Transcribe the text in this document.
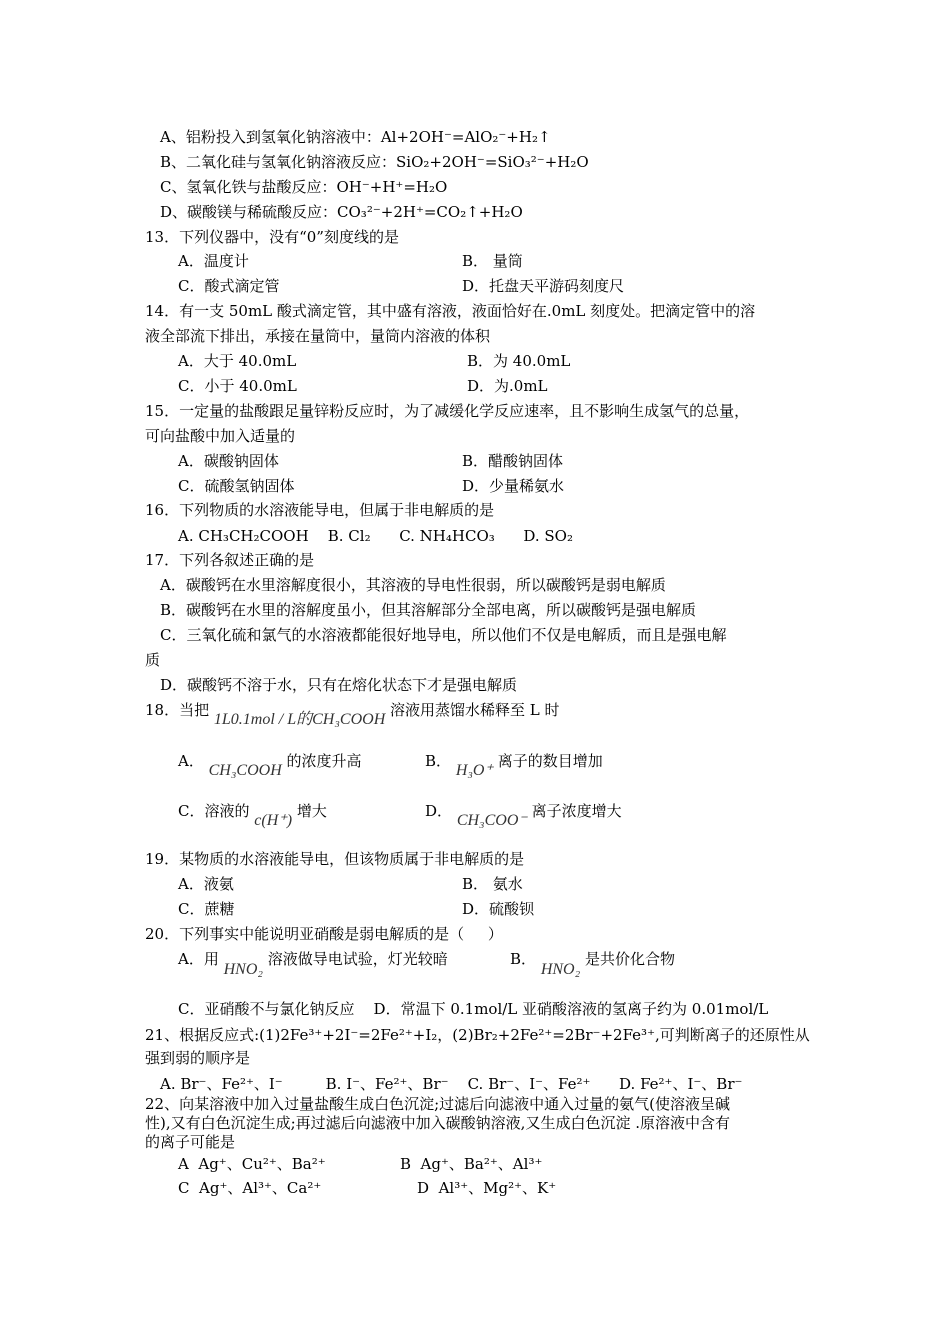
A、铝粉投入到氢氧化钠溶液中：Al+2OH⁻=AlO₂⁻+H₂↑
B、二氧化硅与氢氧化钠溶液反应：SiO₂+2OH⁻=SiO₃²⁻+H₂O
C、氢氧化铁与盐酸反应：OH⁻+H⁺=H₂O
D、碳酸镁与稀硫酸反应：CO₃²⁻+2H⁺=CO₂↑+H₂O
13．下列仪器中，没有“0”刻度线的是
A．温度计	B． 量筒
C．酸式滴定管	D．托盘天平游码刻度尺
14．有一支 50mL 酸式滴定管，其中盛有溶液，液面恰好在.0mL 刻度处。把滴定管中的溶
液全部流下排出，承接在量筒中，量筒内溶液的体积
A．大于 40.0mL	B．为 40.0mL
C．小于 40.0mL	D．为.0mL
15．一定量的盐酸跟足量锌粉反应时，为了减缓化学反应速率，且不影响生成氢气的总量，
可向盐酸中加入适量的
A．碳酸钠固体	B．醋酸钠固体
C．硫酸氢钠固体	D．少量稀氨水
16．下列物质的水溶液能导电，但属于非电解质的是
A. CH₃CH₂COOH    B. Cl₂      C. NH₄HCO₃      D. SO₂
17．下列各叙述正确的是
A．碳酸钙在水里溶解度很小，其溶液的导电性很弱，所以碳酸钙是弱电解质
B．碳酸钙在水里的溶解度虽小，但其溶解部分全部电离，所以碳酸钙是强电解质
C．三氧化硫和氯气的水溶液都能很好地导电，所以他们不仅是电解质，而且是强电解
质
D．碳酸钙不溶于水，只有在熔化状态下才是强电解质
18．当把 1L0.1mol / L的CH₃COOH 溶液用蒸馏水稀释至 L 时
A． CH₃COOH 的浓度升高	B． H₃O⁺ 离子的数目增加
C．溶液的 c(H⁺) 增大	D． CH₃COO⁻ 离子浓度增大
19．某物质的水溶液能导电，但该物质属于非电解质的是
A．液氨	B． 氨水
C．蔗糖	D．硫酸钡
20．下列事实中能说明亚硝酸是弱电解质的是（     ）
A．用 HNO₂ 溶液做导电试验，灯光较暗	B． HNO₂ 是共价化合物
C．亚硝酸不与氯化钠反应    D．常温下 0.1mol/L 亚硝酸溶液的氢离子约为 0.01mol/L
21、根据反应式:(1)2Fe³⁺+2I⁻=2Fe²⁺+I₂，(2)Br₂+2Fe²⁺=2Br⁻+2Fe³⁺,可判断离子的还原性从
强到弱的顺序是
A. Br⁻、Fe²⁺、I⁻         B. I⁻、Fe²⁺、Br⁻    C. Br⁻、I⁻、Fe²⁺      D. Fe²⁺、I⁻、Br⁻
22、向某溶液中加入过量盐酸生成白色沉淀;过滤后向滤液中通入过量的氨气(使溶液呈碱
性),又有白色沉淀生成;再过滤后向滤液中加入碳酸钠溶液,又生成白色沉淀 .原溶液中含有
的离子可能是
A  Ag⁺、Cu²⁺、Ba²⁺	B  Ag⁺、Ba²⁺、Al³⁺
C  Ag⁺、Al³⁺、Ca²⁺	D  Al³⁺、Mg²⁺、K⁺
